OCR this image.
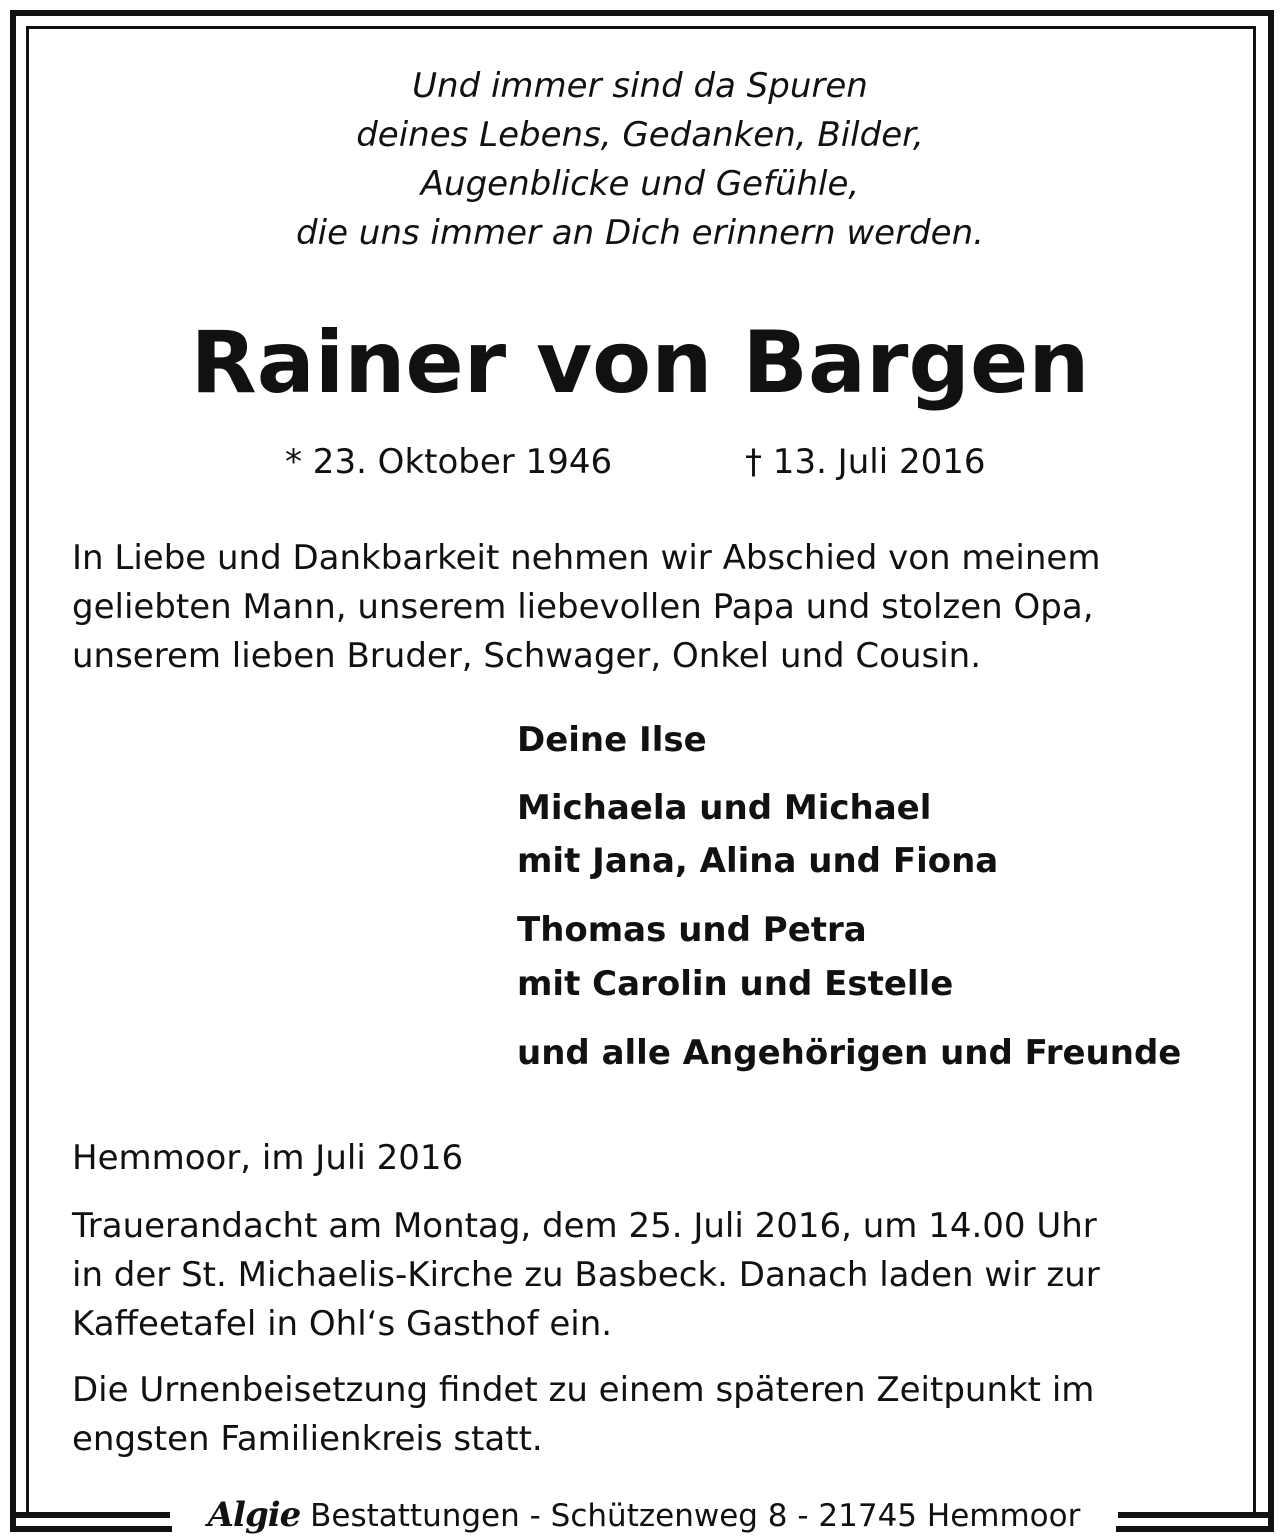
Und immer sind da Spuren
deines Lebens, Gedanken, Bilder,
Augenblicke und Gefühle,
die uns immer an Dich erinnern werden.
Rainer von Bargen
* 23. Oktober 1946	† 13. Juli 2016
In Liebe und Dankbarkeit nehmen wir Abschied von meinem
geliebten Mann, unserem liebevollen Papa und stolzen Opa,
unserem lieben Bruder, Schwager, Onkel und Cousin.
Deine Ilse
Michaela und Michael
mit Jana, Alina und Fiona
Thomas und Petra
mit Carolin und Estelle
und alle Angehörigen und Freunde
Hemmoor, im Juli 2016
Trauerandacht am Montag, dem 25. Juli 2016, um 14.00 Uhr
in der St. Michaelis-Kirche zu Basbeck. Danach laden wir zur
Kaffeetafel in Ohl‘s Gasthof ein.
Die Urnenbeisetzung findet zu einem späteren Zeitpunkt im
engsten Familienkreis statt.
Algie Bestattungen - Schützenweg 8 - 21745 Hemmoor
